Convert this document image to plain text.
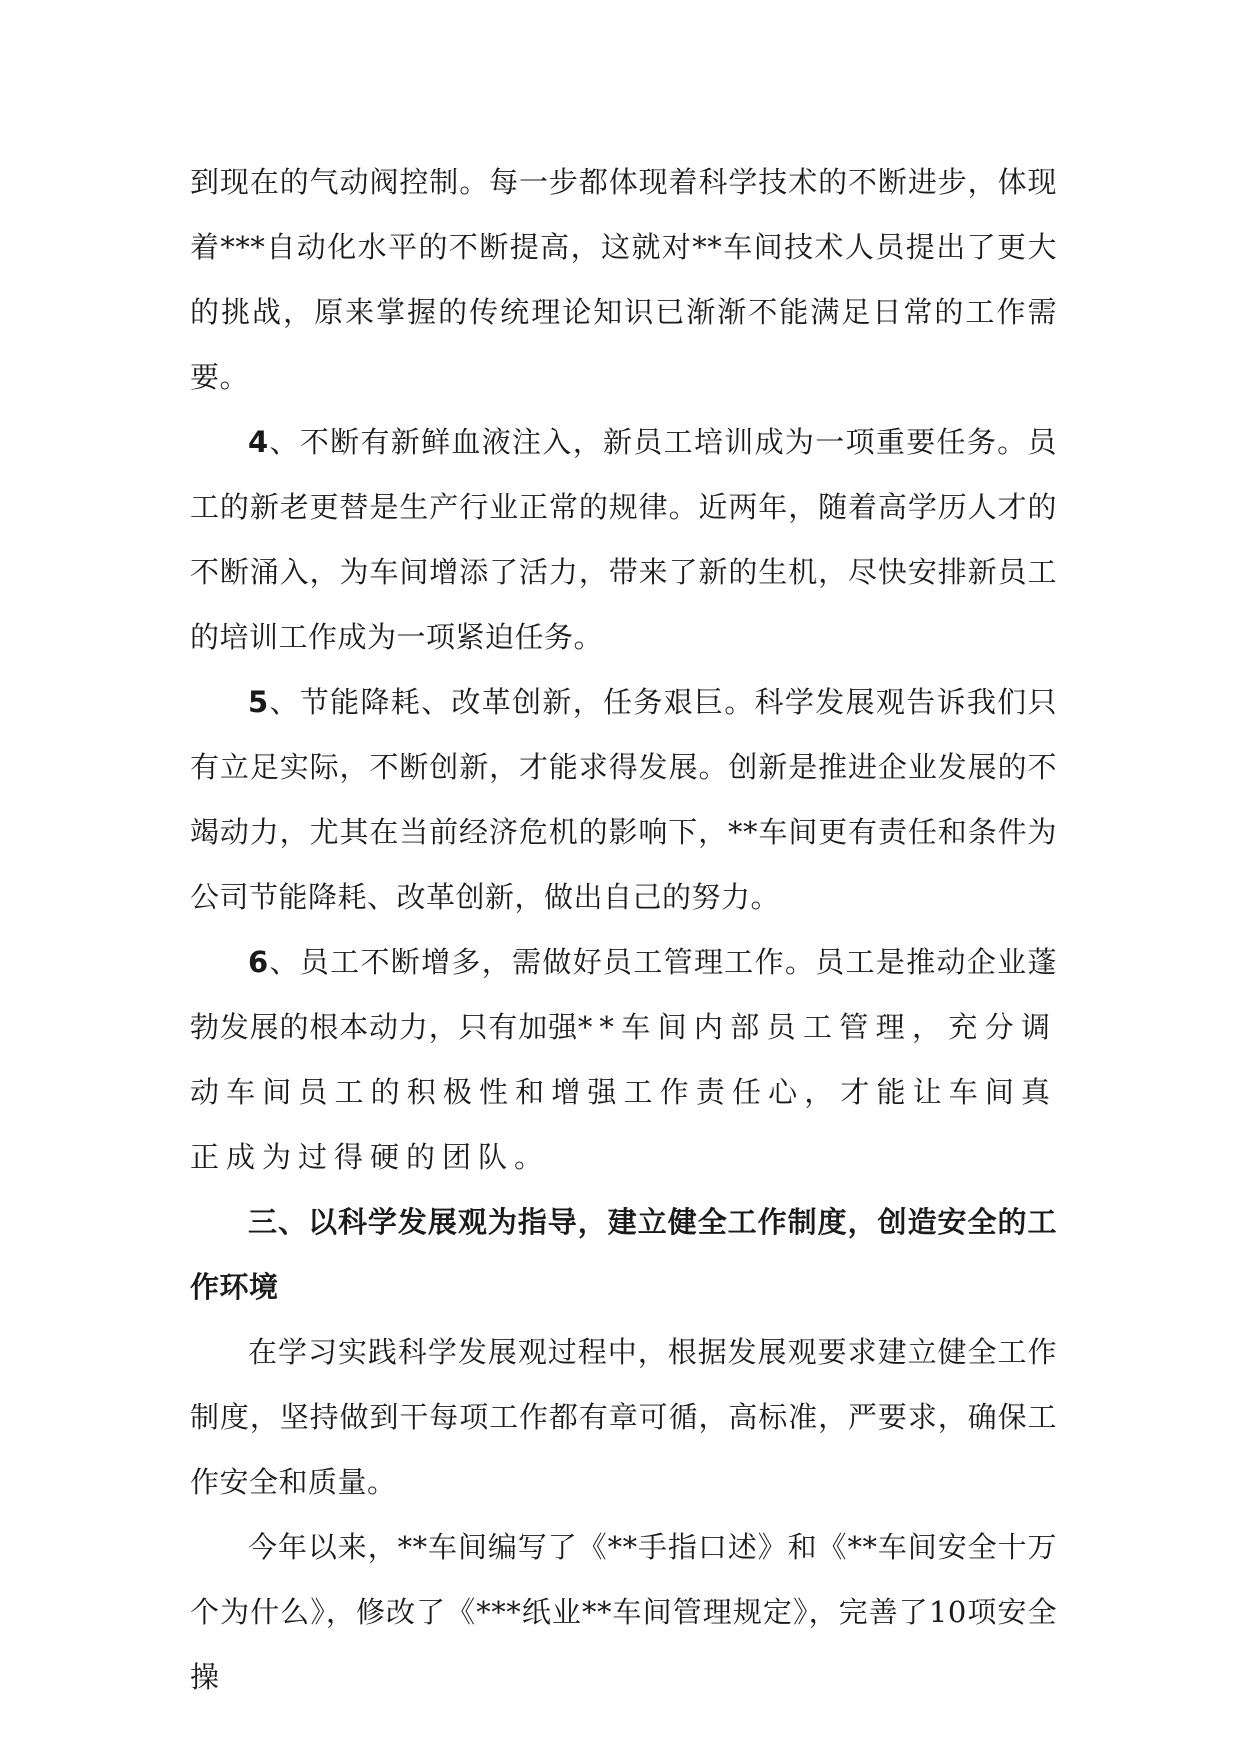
到现在的气动阀控制。每一步都体现着科学技术的不断进步，体现着***自动化水平的不断提高，这就对**车间技术人员提出了更大的挑战，原来掌握的传统理论知识已渐渐不能满足日常的工作需要。

4、不断有新鲜血液注入，新员工培训成为一项重要任务。员工的新老更替是生产行业正常的规律。近两年，随着高学历人才的不断涌入，为车间增添了活力，带来了新的生机，尽快安排新员工的培训工作成为一项紧迫任务。

5、节能降耗、改革创新，任务艰巨。科学发展观告诉我们只有立足实际，不断创新，才能求得发展。创新是推进企业发展的不竭动力，尤其在当前经济危机的影响下，**车间更有责任和条件为公司节能降耗、改革创新，做出自己的努力。

6、员工不断增多，需做好员工管理工作。员工是推动企业蓬勃发展的根本动力，只有加强**车间内部员工管理，充分调动车间员工的积极性和增强工作责任心，才能让车间真正成为过得硬的团队。

三、以科学发展观为指导，建立健全工作制度，创造安全的工作环境

在学习实践科学发展观过程中，根据发展观要求建立健全工作制度，坚持做到干每项工作都有章可循，高标准，严要求，确保工作安全和质量。

今年以来，**车间编写了《**手指口述》和《**车间安全十万个为什么》，修改了《***纸业**车间管理规定》，完善了10项安全操
